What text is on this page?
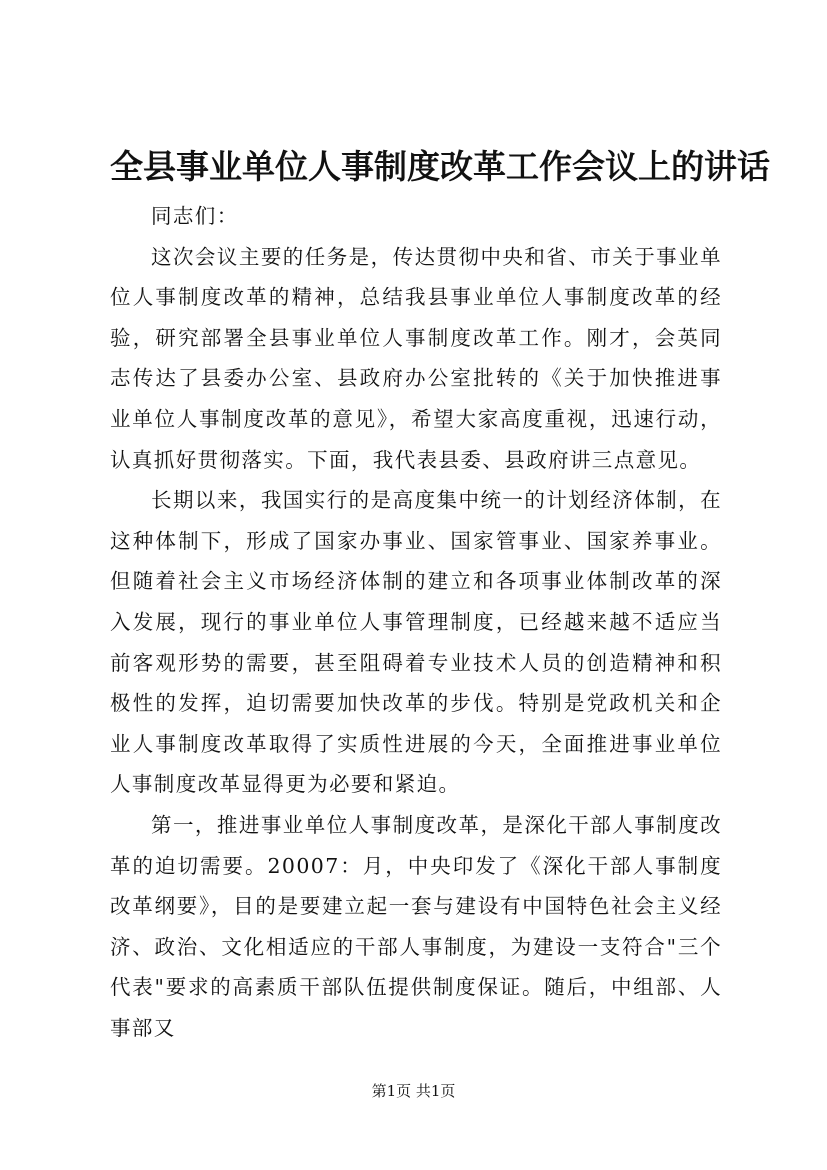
全县事业单位人事制度改革工作会议上的讲话

同志们：

这次会议主要的任务是，传达贯彻中央和省、市关于事业单位人事制度改革的精神，总结我县事业单位人事制度改革的经验，研究部署全县事业单位人事制度改革工作。刚才，会英同志传达了县委办公室、县政府办公室批转的《关于加快推进事业单位人事制度改革的意见》，希望大家高度重视，迅速行动，认真抓好贯彻落实。下面，我代表县委、县政府讲三点意见。

长期以来，我国实行的是高度集中统一的计划经济体制，在这种体制下，形成了国家办事业、国家管事业、国家养事业。但随着社会主义市场经济体制的建立和各项事业体制改革的深入发展，现行的事业单位人事管理制度，已经越来越不适应当前客观形势的需要，甚至阻碍着专业技术人员的创造精神和积极性的发挥，迫切需要加快改革的步伐。特别是党政机关和企业人事制度改革取得了实质性进展的今天，全面推进事业单位人事制度改革显得更为必要和紧迫。

第一，推进事业单位人事制度改革，是深化干部人事制度改革的迫切需要。20007：月，中央印发了《深化干部人事制度改革纲要》，目的是要建立起一套与建设有中国特色社会主义经济、政治、文化相适应的干部人事制度，为建设一支符合"三个代表"要求的高素质干部队伍提供制度保证。随后，中组部、人事部又

第1页 共1页
